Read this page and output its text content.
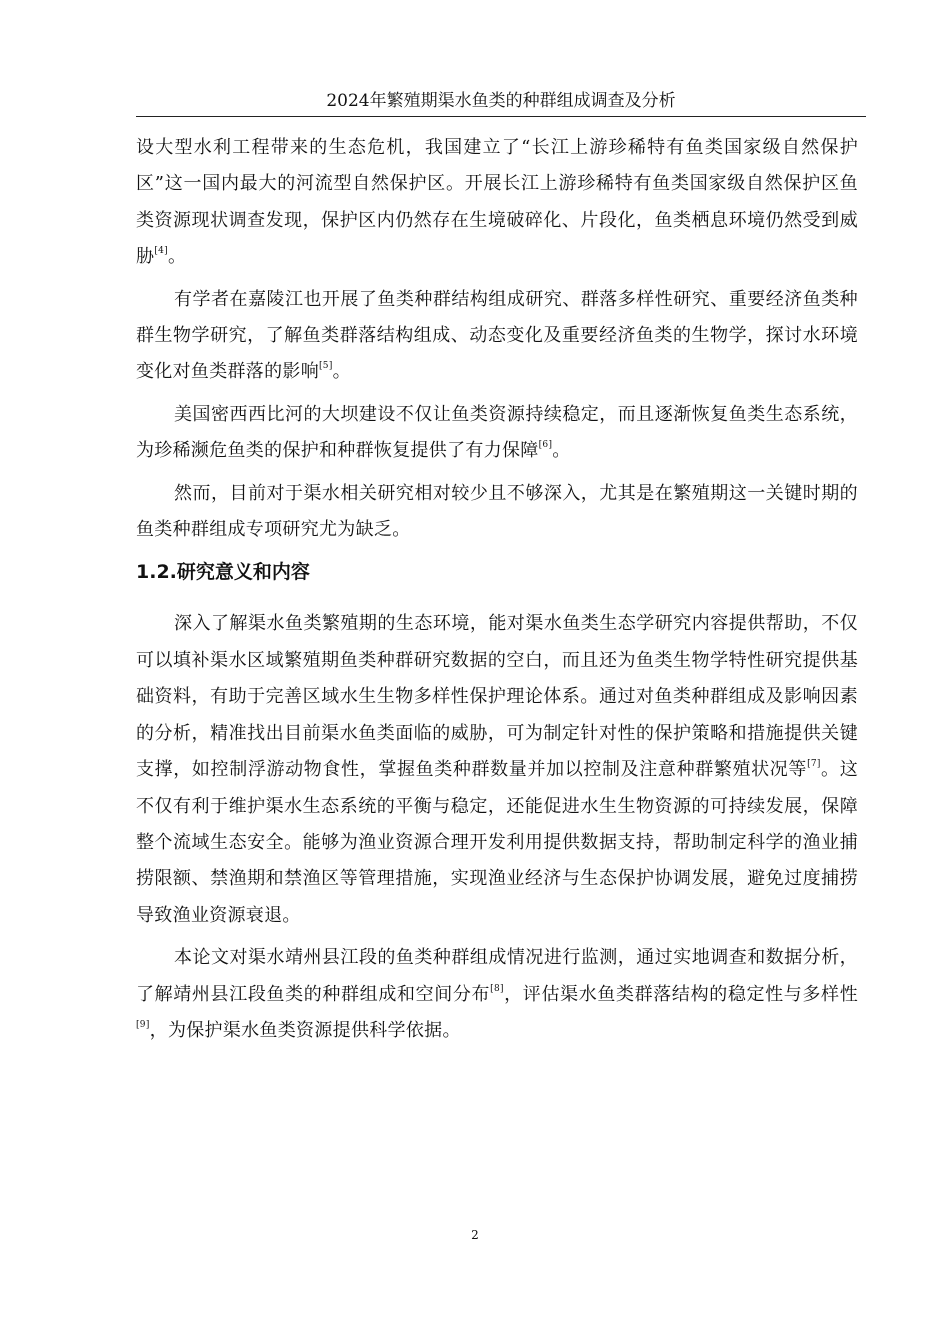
2024年繁殖期渠水鱼类的种群组成调查及分析

设大型水利工程带来的生态危机，我国建立了“长江上游珍稀特有鱼类国家级自然保护区”这一国内最大的河流型自然保护区。开展长江上游珍稀特有鱼类国家级自然保护区鱼类资源现状调查发现，保护区内仍然存在生境破碎化、片段化，鱼类栖息环境仍然受到威胁[4]。

有学者在嘉陵江也开展了鱼类种群结构组成研究、群落多样性研究、重要经济鱼类种群生物学研究，了解鱼类群落结构组成、动态变化及重要经济鱼类的生物学，探讨水环境变化对鱼类群落的影响[5]。

美国密西西比河的大坝建设不仅让鱼类资源持续稳定，而且逐渐恢复鱼类生态系统，为珍稀濒危鱼类的保护和种群恢复提供了有力保障[6]。

然而，目前对于渠水相关研究相对较少且不够深入，尤其是在繁殖期这一关键时期的鱼类种群组成专项研究尤为缺乏。

1.2.研究意义和内容

深入了解渠水鱼类繁殖期的生态环境，能对渠水鱼类生态学研究内容提供帮助，不仅可以填补渠水区域繁殖期鱼类种群研究数据的空白，而且还为鱼类生物学特性研究提供基础资料，有助于完善区域水生生物多样性保护理论体系。通过对鱼类种群组成及影响因素的分析，精准找出目前渠水鱼类面临的威胁，可为制定针对性的保护策略和措施提供关键支撑，如控制浮游动物食性，掌握鱼类种群数量并加以控制及注意种群繁殖状况等[7]。这不仅有利于维护渠水生态系统的平衡与稳定，还能促进水生生物资源的可持续发展，保障整个流域生态安全。能够为渔业资源合理开发利用提供数据支持，帮助制定科学的渔业捕捞限额、禁渔期和禁渔区等管理措施，实现渔业经济与生态保护协调发展，避免过度捕捞导致渔业资源衰退。

本论文对渠水靖州县江段的鱼类种群组成情况进行监测，通过实地调查和数据分析，了解靖州县江段鱼类的种群组成和空间分布[8]，评估渠水鱼类群落结构的稳定性与多样性[9]，为保护渠水鱼类资源提供科学依据。

2
